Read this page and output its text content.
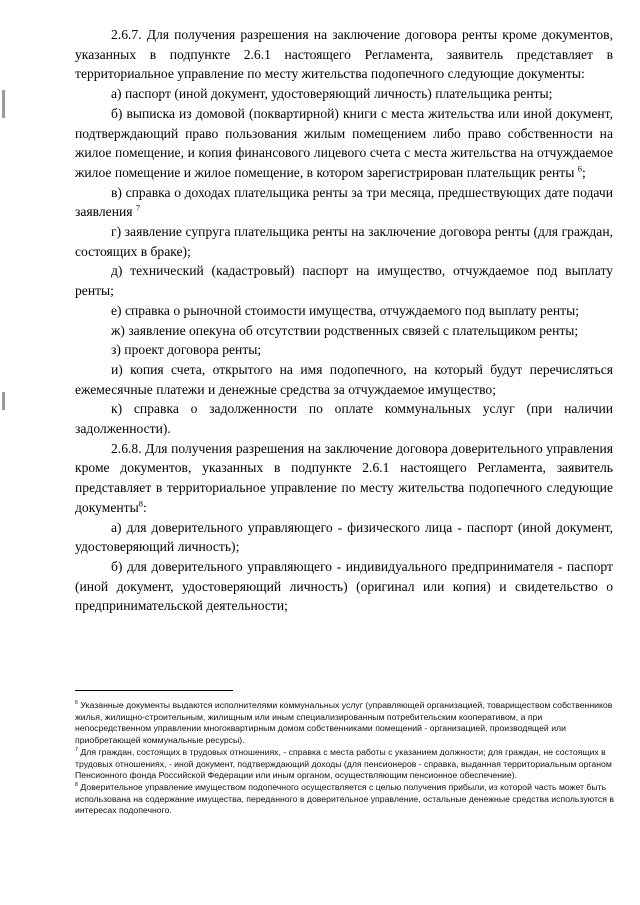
2.6.7. Для получения разрешения на заключение договора ренты кроме документов, указанных в подпункте 2.6.1 настоящего Регламента, заявитель представляет в территориальное управление по месту жительства подопечного следующие документы:

а) паспорт (иной документ, удостоверяющий личность) плательщика ренты;

б) выписка из домовой (поквартирной) книги с места жительства или иной документ, подтверждающий право пользования жилым помещением либо право собственности на жилое помещение, и копия финансового лицевого счета с места жительства на отчуждаемое жилое помещение и жилое помещение, в котором зарегистрирован плательщик ренты $^6$;

в) справка о доходах плательщика ренты за три месяца, предшествующих дате подачи заявления $^7$

г) заявление супруга плательщика ренты на заключение договора ренты (для граждан, состоящих в браке);

д) технический (кадастровый) паспорт на имущество, отчуждаемое под выплату ренты;

е) справка о рыночной стоимости имущества, отчуждаемого под выплату ренты;

ж) заявление опекуна об отсутствии родственных связей с плательщиком ренты;

з) проект договора ренты;

и) копия счета, открытого на имя подопечного, на который будут перечисляться ежемесячные платежи и денежные средства за отчуждаемое имущество;

к) справка о задолженности по оплате коммунальных услуг (при наличии задолженности).

2.6.8. Для получения разрешения на заключение договора доверительного управления кроме документов, указанных в подпункте 2.6.1 настоящего Регламента, заявитель представляет в территориальное управление по месту жительства подопечного следующие документы$^8$:

а) для доверительного управляющего - физического лица - паспорт (иной документ, удостоверяющий личность);

б) для доверительного управляющего - индивидуального предпринимателя - паспорт (иной документ, удостоверяющий личность) (оригинал или копия) и свидетельство о предпринимательской деятельности;

$^6$ Указанные документы выдаются исполнителями коммунальных услуг (управляющей организацией, товариществом собственников жилья, жилищно-строительным, жилищным или иным специализированным потребительским кооперативом, а при непосредственном управлении многоквартирным домом собственниками помещений - организацией, производящей или приобретающей коммунальные ресурсы).

$^7$ Для граждан, состоящих в трудовых отношениях, - справка с места работы с указанием должности; для граждан, не состоящих в трудовых отношениях, - иной документ, подтверждающий доходы (для пенсионеров - справка, выданная территориальным органом Пенсионного фонда Российской Федерации или иным органом, осуществляющим пенсионное обеспечение).

$^8$ Доверительное управление имуществом подопечного осуществляется с целью получения прибыли, из которой часть может быть использована на содержание имущества, переданного в доверительное управление, остальные денежные средства используются в интересах подопечного.
